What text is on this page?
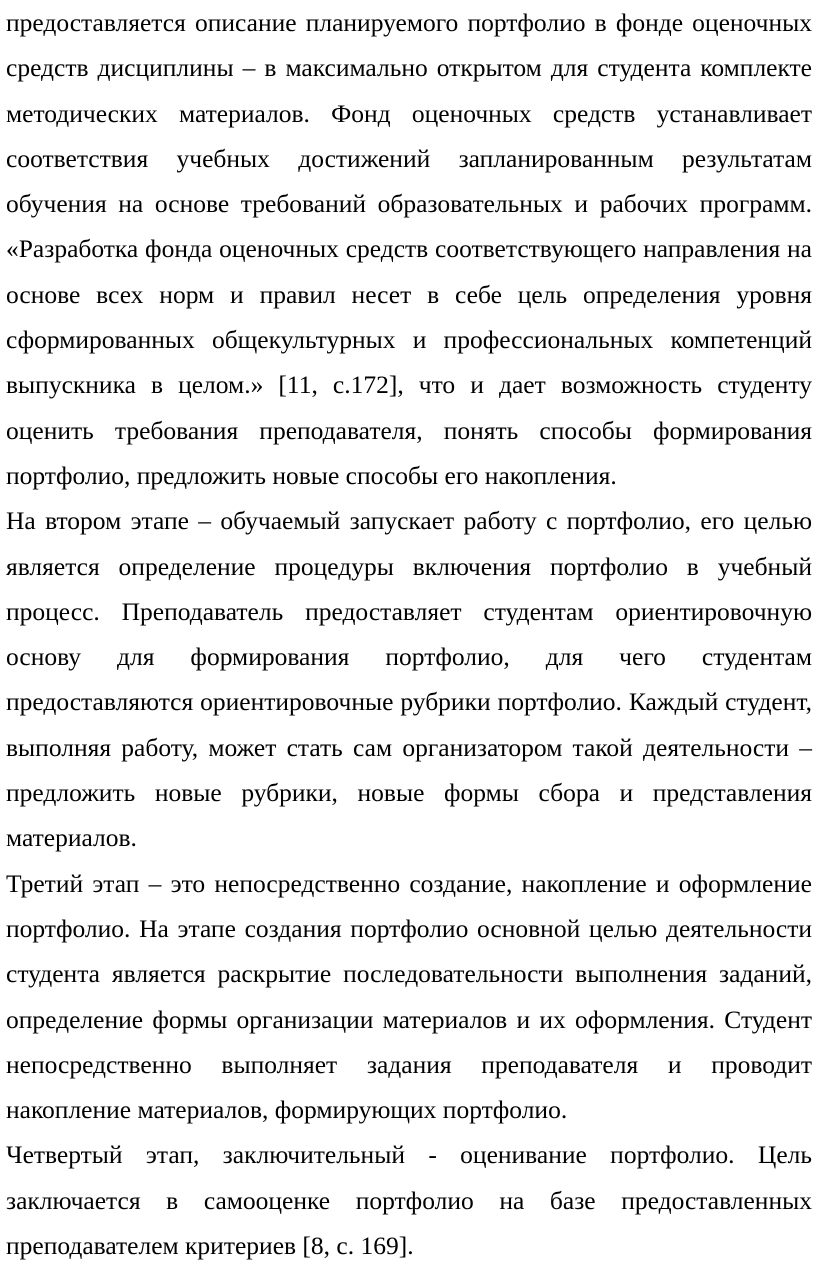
предоставляется описание планируемого портфолио в фонде оценочных средств дисциплины – в максимально открытом для студента комплекте методических материалов. Фонд оценочных средств устанавливает соответствия учебных достижений запланированным результатам обучения на основе требований образовательных и рабочих программ. «Разработка фонда оценочных средств соответствующего направления на основе всех норм и правил несет в себе цель определения уровня сформированных общекультурных и профессиональных компетенций выпускника в целом.» [11, с.172], что и дает возможность студенту оценить требования преподавателя, понять способы формирования портфолио, предложить новые способы его накопления.

На втором этапе – обучаемый запускает работу с портфолио, его целью является определение процедуры включения портфолио в учебный процесс. Преподаватель предоставляет студентам ориентировочную основу для формирования портфолио, для чего студентам предоставляются ориентировочные рубрики портфолио. Каждый студент, выполняя работу, может стать сам организатором такой деятельности – предложить новые рубрики, новые формы сбора и представления материалов.

Третий этап – это непосредственно создание, накопление и оформление портфолио. На этапе создания портфолио основной целью деятельности студента является раскрытие последовательности выполнения заданий, определение формы организации материалов и их оформления. Студент непосредственно выполняет задания преподавателя и проводит накопление материалов, формирующих портфолио.

Четвертый этап, заключительный - оценивание портфолио. Цель заключается в самооценке портфолио на базе предоставленных преподавателем критериев [8, с. 169].
